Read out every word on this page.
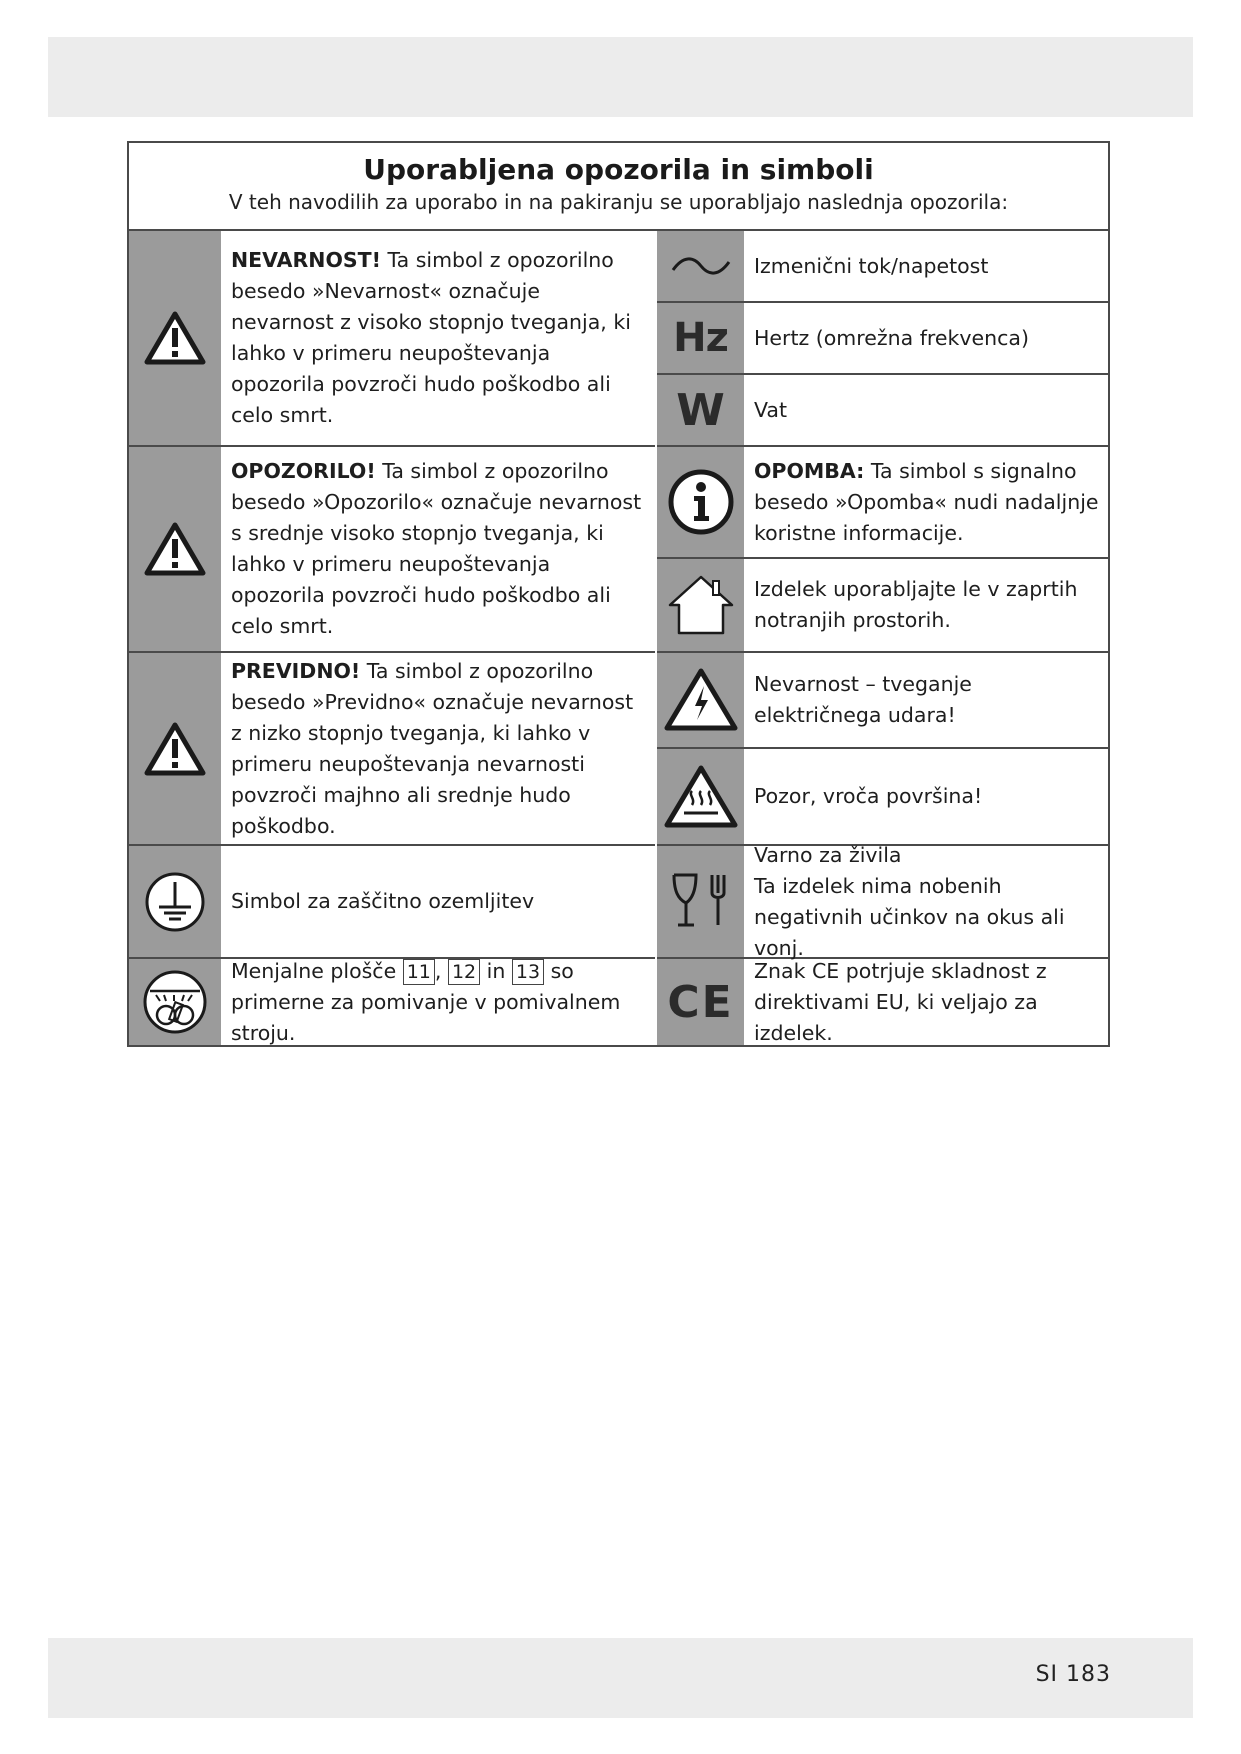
Uporabljena opozorila in simboli
V teh navodilih za uporabo in na pakiranju se uporabljajo naslednja opozorila:
NEVARNOST! Ta simbol z opozorilno besedo »Nevarnost« označuje nevarnost z visoko stopnjo tveganja, ki lahko v primeru neupoštevanja opozorila povzroči hudo poškodbo ali celo smrt.
OPOZORILO! Ta simbol z opozorilno besedo »Opozorilo« označuje nevarnost s srednje visoko stopnjo tveganja, ki lahko v primeru neupoštevanja opozorila povzroči hudo poškodbo ali celo smrt.
PREVIDNO! Ta simbol z opozorilno besedo »Previdno« označuje nevarnost z nizko stopnjo tveganja, ki lahko v primeru neupoštevanja nevarnosti povzroči majhno ali srednje hudo poškodbo.
Simbol za zaščitno ozemljitev
Menjalne plošče 11 , 12 in 13 so primerne za pomivanje v pomivalnem stroju.
Izmenični tok/napetost
Hz Hertz (omrežna frekvenca)
W Vat
OPOMBA: Ta simbol s signalno besedo »Opomba« nudi nadaljnje koristne informacije.
Izdelek uporabljajte le v zaprtih notranjih prostorih.
Nevarnost – tveganje električnega udara!
Pozor, vroča površina!
Varno za živila
Ta izdelek nima nobenih negativnih učinkov na okus ali vonj.
CE
Znak CE potrjuje skladnost z direktivami EU, ki veljajo za izdelek.
SI 183
